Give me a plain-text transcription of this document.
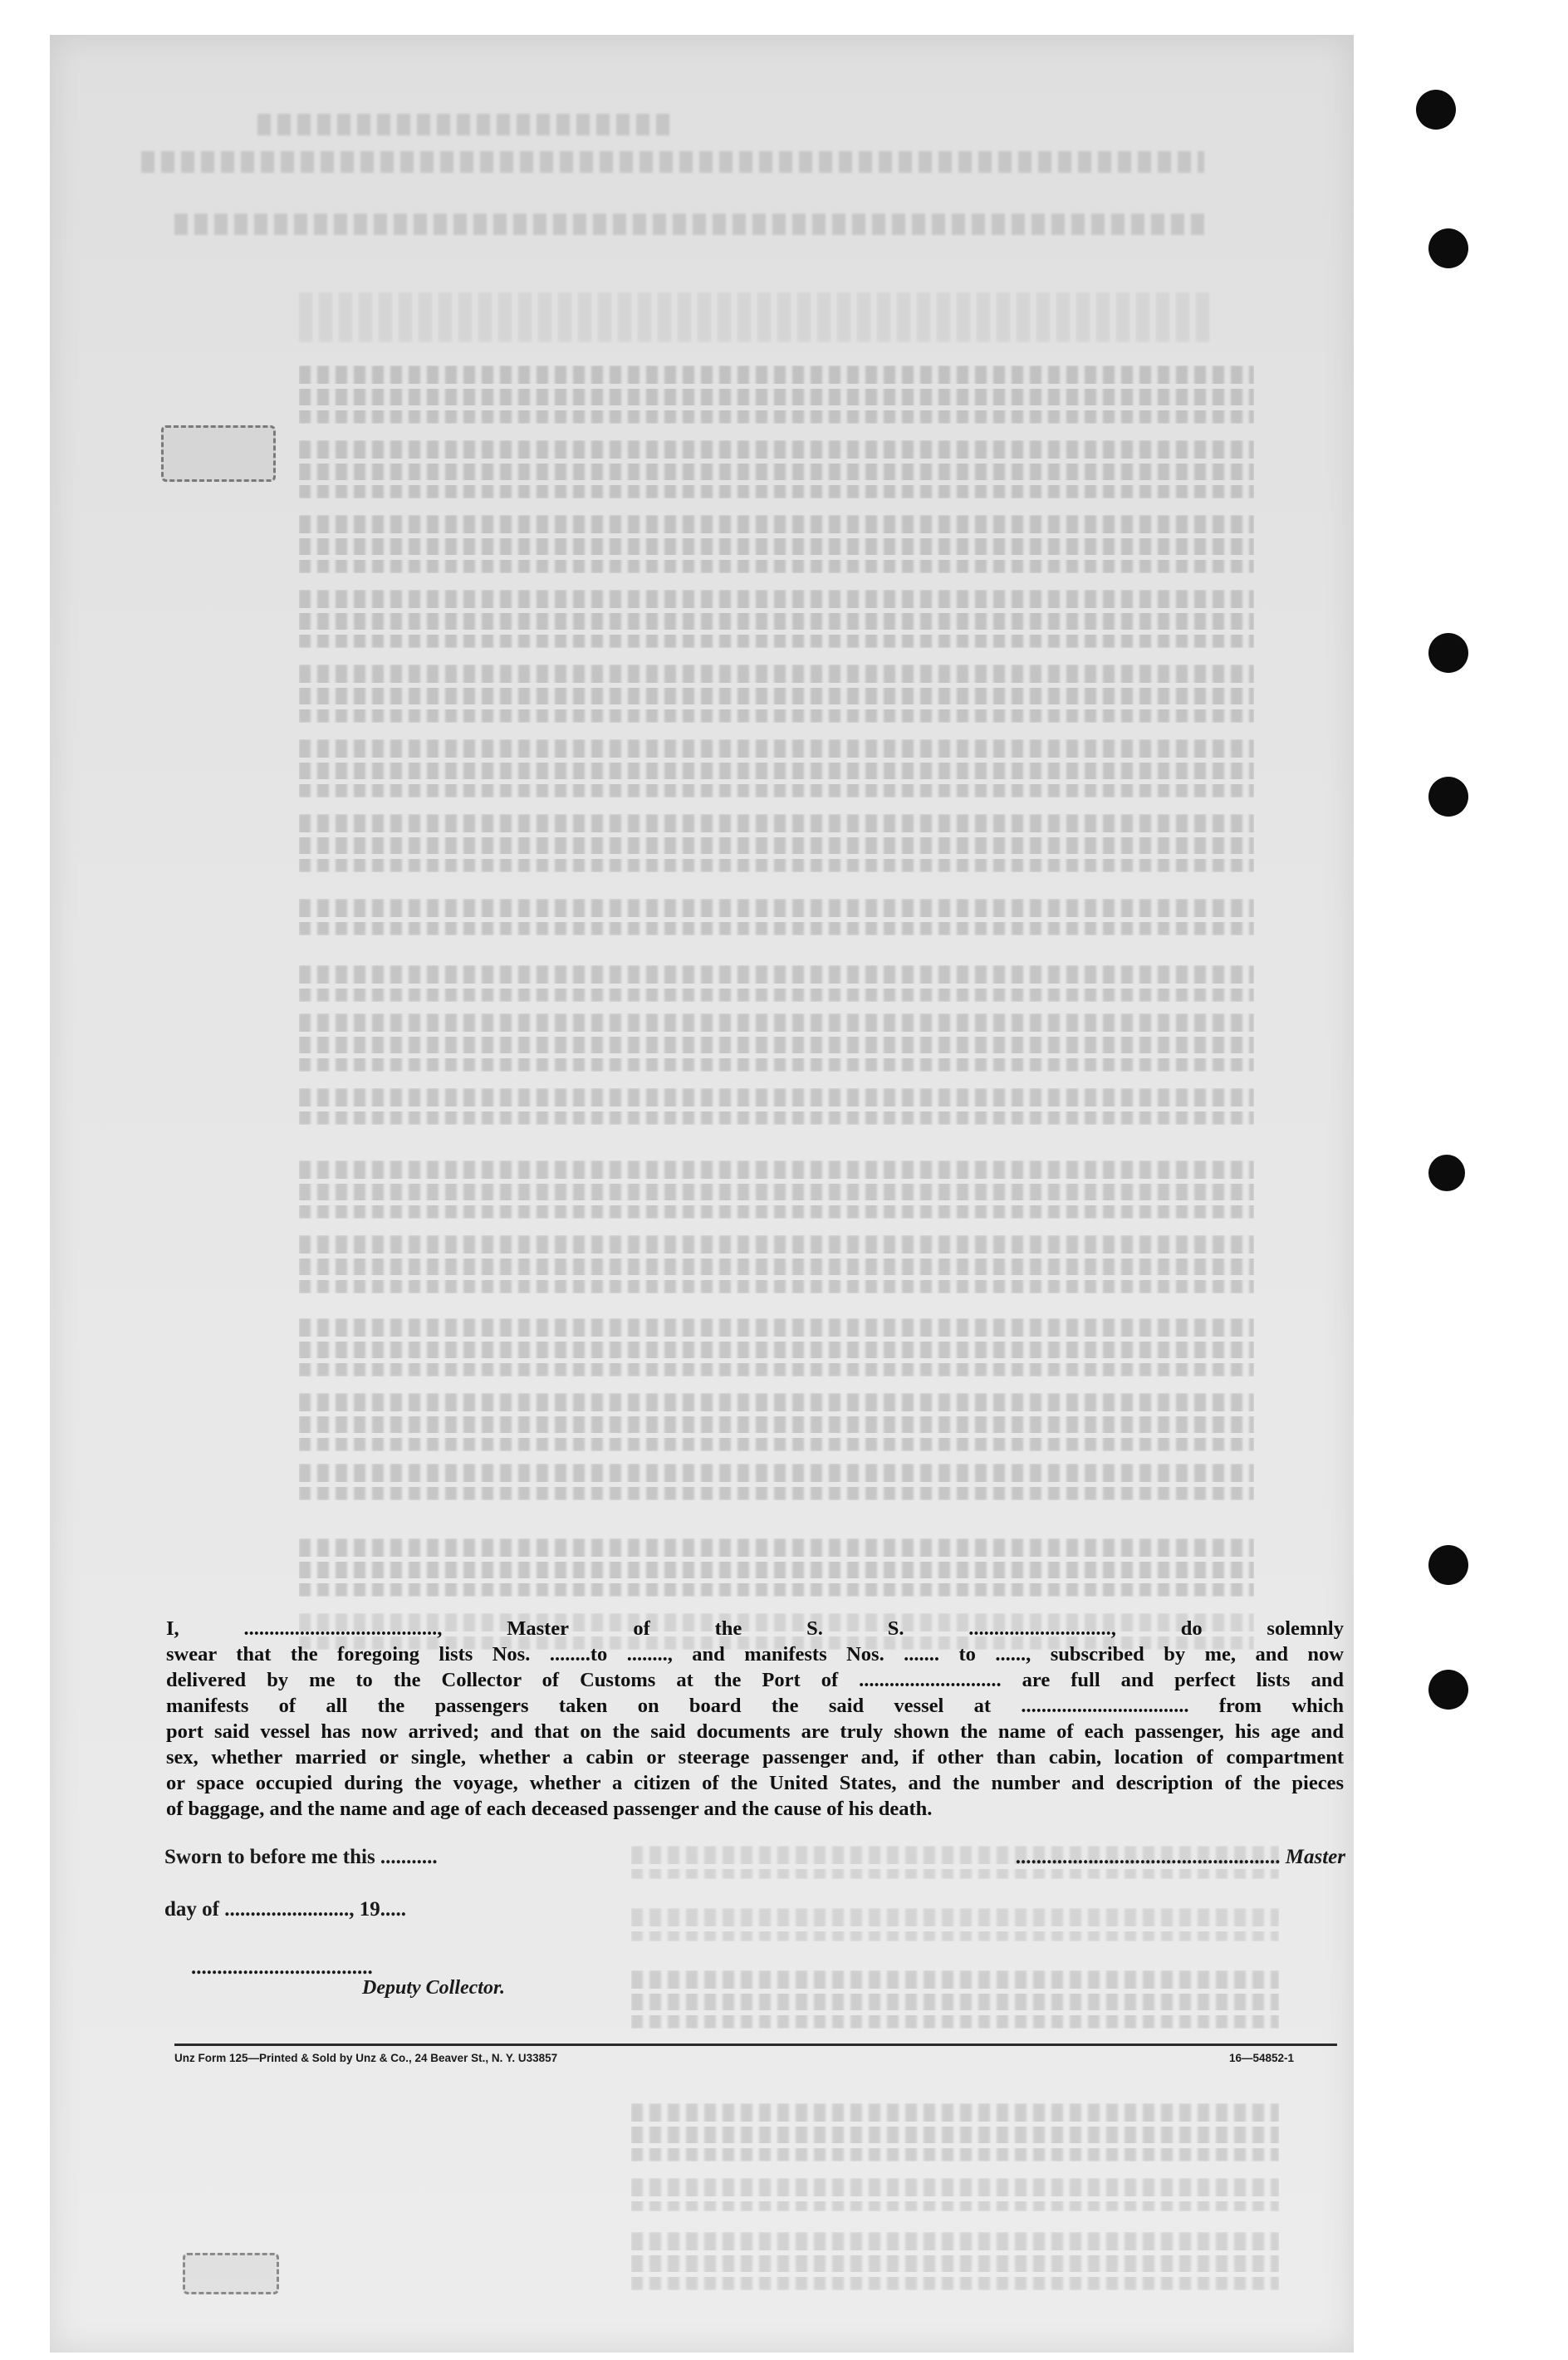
I, ......................................, Master of the S. S. ............................, do solemnly
swear that the foregoing lists Nos. ........to ........, and manifests Nos. ....... to ......, subscribed by me, and now
delivered by me to the Collector of Customs at the Port of ............................ are full and perfect lists and
manifests of all the passengers taken on board the said vessel at ................................. from which
port said vessel has now arrived; and that on the said documents are truly shown the name of each passenger, his age and
sex, whether married or single, whether a cabin or steerage passenger and, if other than cabin, location of compartment
or space occupied during the voyage, whether a citizen of the United States, and the number and description of the pieces
of baggage, and the name and age of each deceased passenger and the cause of his death.
Sworn to before me this ...........	................................................... Master
day of ........................, 19.....
...................................
Deputy Collector.
Unz Form 125—Printed & Sold by Unz & Co., 24 Beaver St., N. Y. U33857	16—54852-1
